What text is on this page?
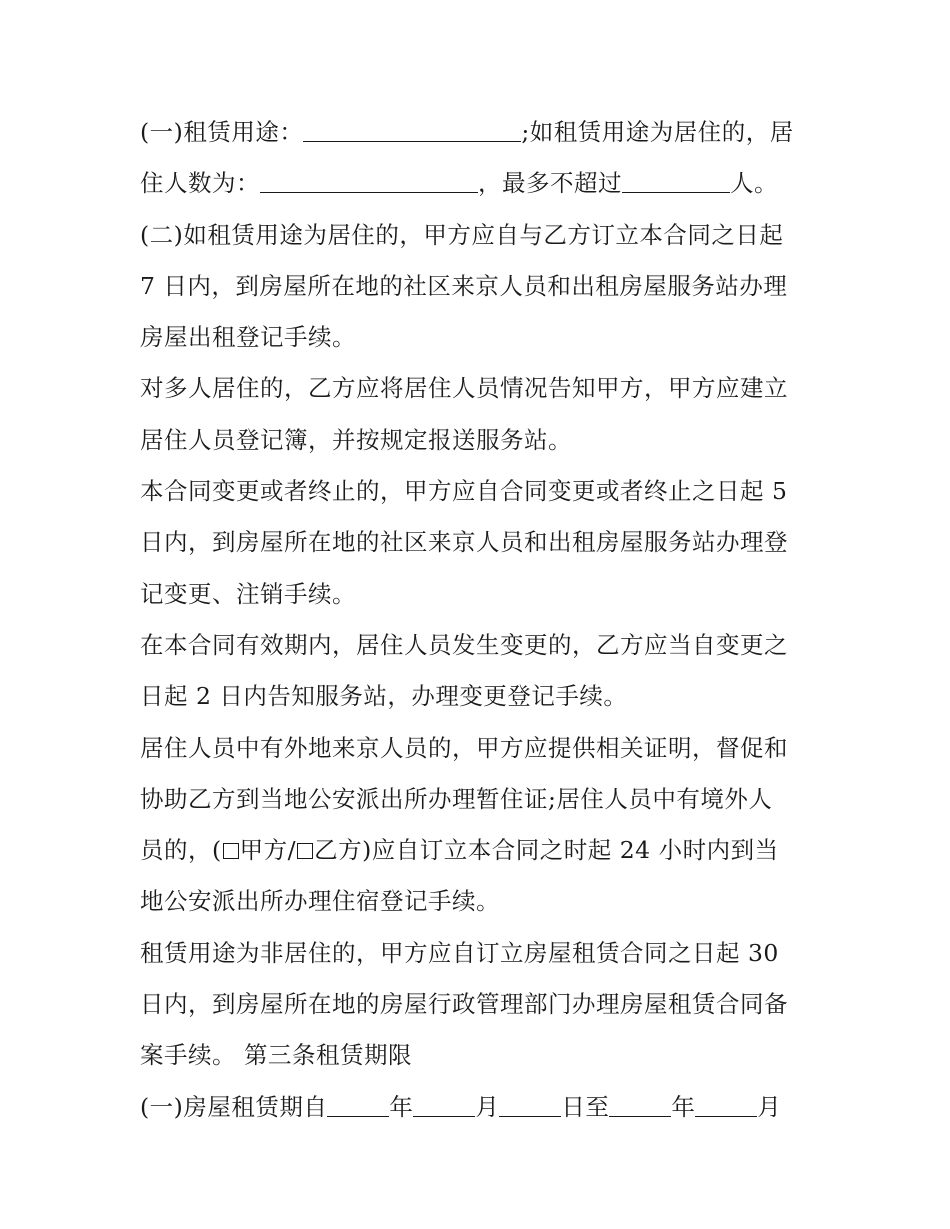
(一)租赁用途：	;如租赁用途为居住的，居
住人数为：	，最多不超过	人。
(二)如租赁用途为居住的，甲方应自与乙方订立本合同之日起
7 日内，到房屋所在地的社区来京人员和出租房屋服务站办理
房屋出租登记手续。
对多人居住的，乙方应将居住人员情况告知甲方，甲方应建立
居住人员登记簿，并按规定报送服务站。
本合同变更或者终止的，甲方应自合同变更或者终止之日起 5
日内，到房屋所在地的社区来京人员和出租房屋服务站办理登
记变更、注销手续。
在本合同有效期内，居住人员发生变更的，乙方应当自变更之
日起 2 日内告知服务站，办理变更登记手续。
居住人员中有外地来京人员的，甲方应提供相关证明，督促和
协助乙方到当地公安派出所办理暂住证;居住人员中有境外人
员的，( 甲方/ 乙方)应自订立本合同之时起 24 小时内到当
地公安派出所办理住宿登记手续。
租赁用途为非居住的，甲方应自订立房屋租赁合同之日起 30
日内，到房屋所在地的房屋行政管理部门办理房屋租赁合同备
案手续。 第三条租赁期限
(一)房屋租赁期自	年	月	日至	年	月
